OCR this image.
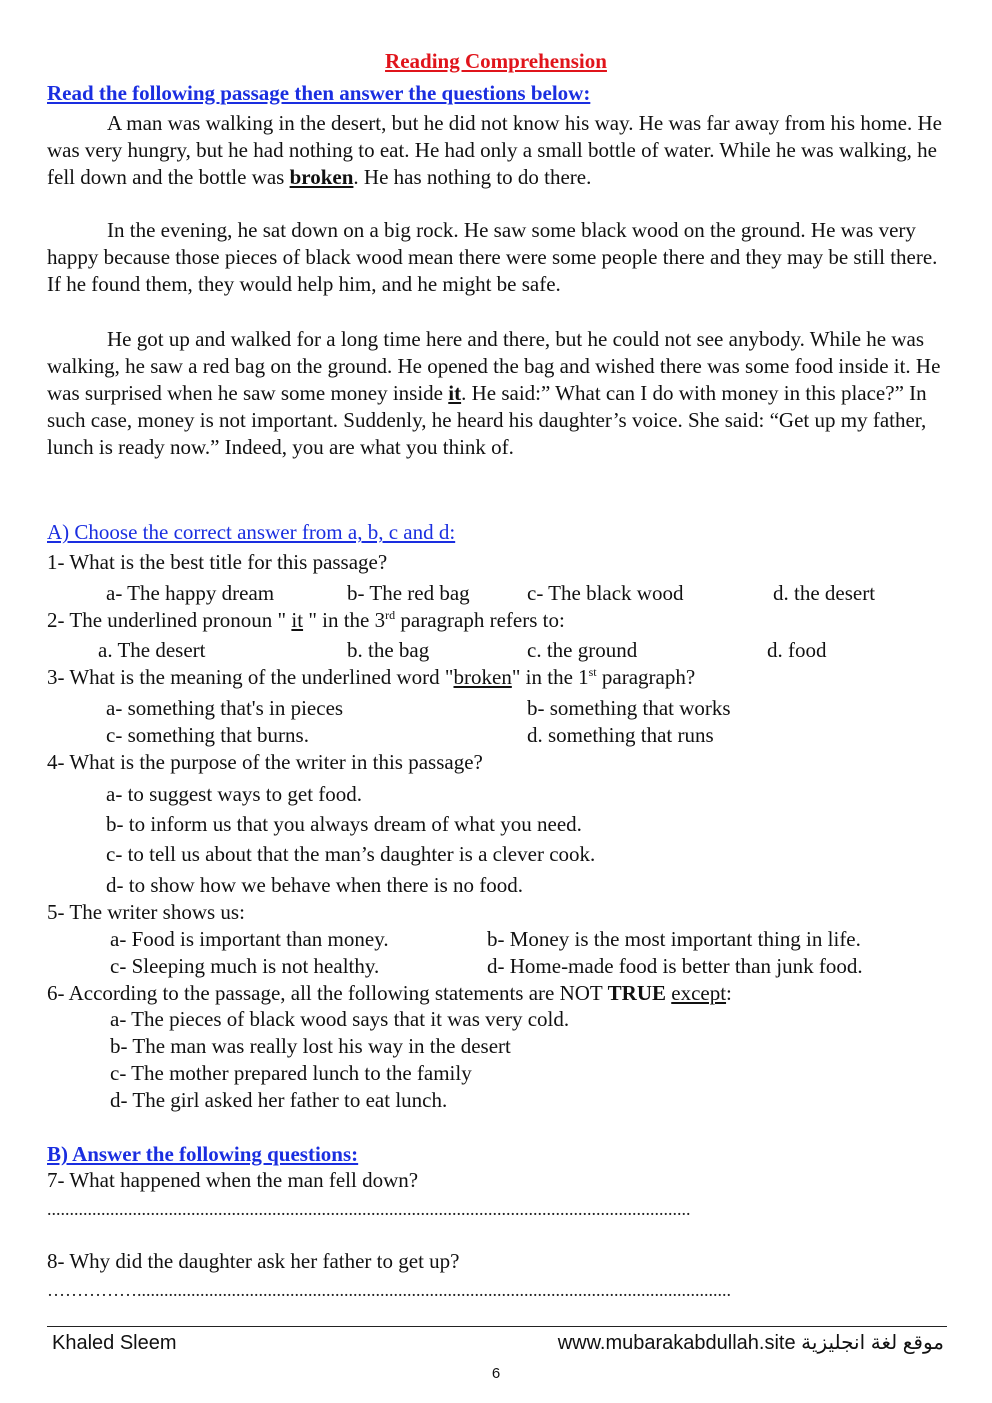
Reading Comprehension
Read the following passage then answer the questions below:
A man was walking in the desert, but he did not know his way. He was far away from his home. He was very hungry, but he had nothing to eat. He had only a small bottle of water. While he was walking, he fell down and the bottle was broken. He has nothing to do there.
In the evening, he sat down on a big rock. He saw some black wood on the ground. He was very happy because those pieces of black wood mean there were some people there and they may be still there. If he found them, they would help him, and he might be safe.
He got up and walked for a long time here and there, but he could not see anybody. While he was walking, he saw a red bag on the ground. He opened the bag and wished there was some food inside it. He was surprised when he saw some money inside it. He said:” What can I do with money in this place?” In such case, money is not important. Suddenly, he heard his daughter’s voice. She said: “Get up my father, lunch is ready now.” Indeed, you are what you think of.
A) Choose the correct answer from a, b, c and d:
1- What is the best title for this passage?
a- The happy dream	b- The red bag	c- The black wood	d. the desert
2- The underlined pronoun " it " in the 3rd paragraph refers to:
a. The desert	b. the bag	c. the ground	d. food
3- What is the meaning of the underlined word "broken" in the 1st paragraph?
a- something that's in pieces	b- something that works
c- something that burns.	d. something that runs
4- What is the purpose of the writer in this passage?
a- to suggest ways to get food.
b- to inform us that you always dream of what you need.
c- to tell us about that the man’s daughter is a clever cook.
d- to show how we behave when there is no food.
5- The writer shows us:
a- Food is important than money.	b- Money is the most important thing in life.
c- Sleeping much is not healthy.	d- Home-made food is better than junk food.
6- According to the passage, all the following statements are NOT TRUE except:
a- The pieces of black wood says that it was very cold.
b- The man was really lost his way in the desert
c- The mother prepared lunch to the family
d- The girl asked her father to eat lunch.
B) Answer the following questions:
7- What happened when the man fell down?
...............................................................................................................................................
8- Why did the daughter ask her father to get up?
……………....................................................................................................................................
Khaled Sleem	www.mubarakabdullah.site موقع لغة انجليزية
6
